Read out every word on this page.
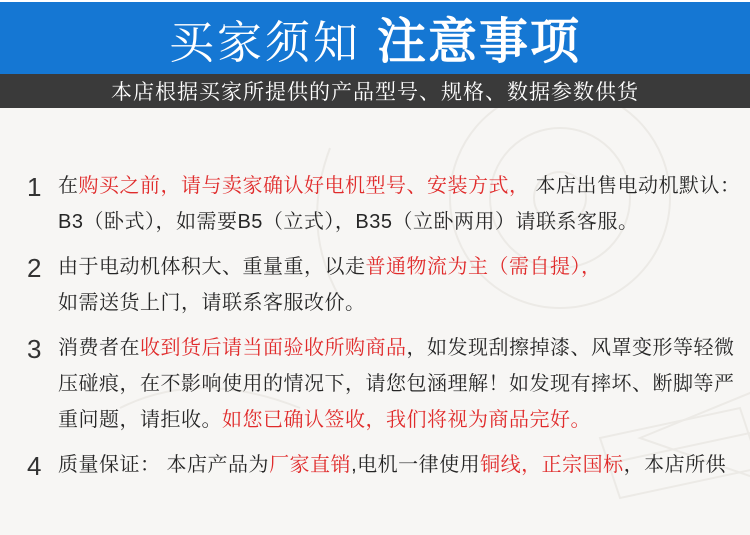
买家须知 注意事项
本店根据买家所提供的产品型号、规格、数据参数供货
1 在购买之前，请与卖家确认好电机型号、安装方式， 本店出售电动机默认：
B3（卧式），如需要B5（立式），B35（立卧两用）请联系客服。
2 由于电动机体积大、重量重，以走普通物流为主（需自提），
如需送货上门，请联系客服改价。
3 消费者在收到货后请当面验收所购商品，如发现刮擦掉漆、风罩变形等轻微
压碰痕，在不影响使用的情况下，请您包涵理解！如发现有摔坏、断脚等严
重问题，请拒收。如您已确认签收，我们将视为商品完好。
4 质量保证： 本店产品为厂家直销,电机一律使用铜线，正宗国标，本店所供
